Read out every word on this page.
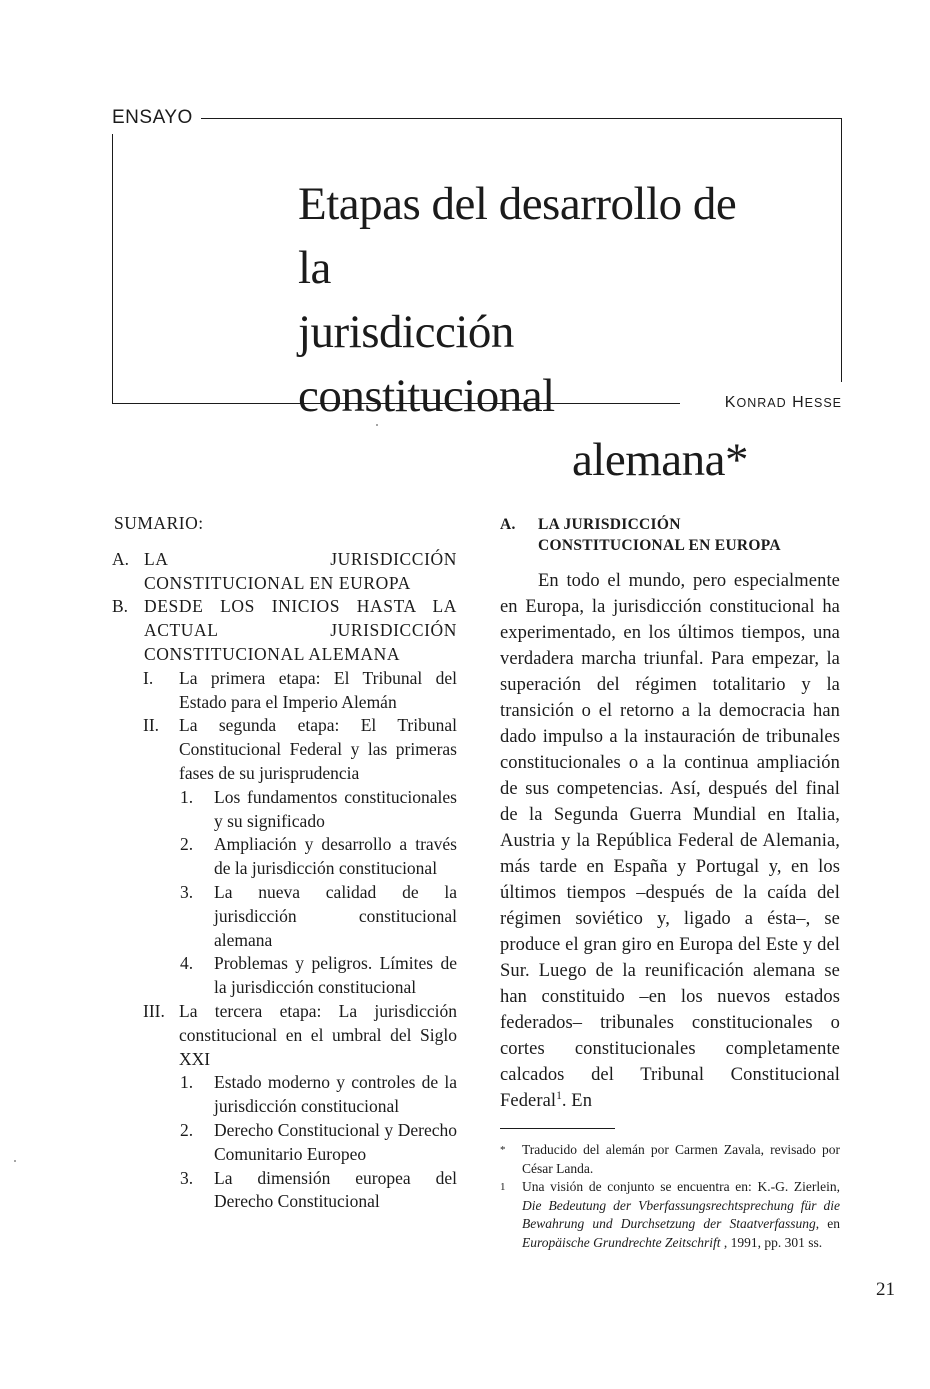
ENSAYO
Etapas del desarrollo de la
jurisdicción constitucional
alemana*
KONRAD HESSE
SUMARIO:
A. LA JURISDICCIÓN CONSTITUCIONAL EN EUROPA
B. DESDE LOS INICIOS HASTA LA ACTUAL JURISDICCIÓN CONSTITUCIONAL ALEMANA
I.	La primera etapa: El Tribunal del Estado para el Imperio Alemán
II.	La segunda etapa: El Tribunal Constitucional Federal y las primeras fases de su jurisprudencia
1.	Los fundamentos constitucionales y su significado
2.	Ampliación y desarrollo a través de la jurisdicción constitucional
3.	La nueva calidad de la jurisdicción constitucional alemana
4.	Problemas y peligros. Límites de la jurisdicción constitucional
III. La tercera etapa: La jurisdicción constitucional en el umbral del Siglo XXI
1.	Estado moderno y controles de la jurisdicción constitucional
2.	Derecho Constitucional y Derecho Comunitario Europeo
3.	La dimensión europea del Derecho Constitucional
A.	LA JURISDICCIÓN
CONSTITUCIONAL EN EUROPA

En todo el mundo, pero especialmente en Europa, la jurisdicción constitucional ha experimentado, en los últimos tiempos, una verdadera marcha triunfal. Para empezar, la superación del régimen totalitario y la transición o el retorno a la democracia han dado impulso a la instauración de tribunales constitucionales o a la continua ampliación de sus competencias. Así, después del final de la Segunda Guerra Mundial en Italia, Austria y la República Federal de Alemania, más tarde en España y Portugal y, en los últimos tiempos –después de la caída del régimen soviético y, ligado a ésta–, se produce el gran giro en Europa del Este y del Sur. Luego de la reunificación alemana se han constituido –en los nuevos estados federados– tribunales constitucionales o cortes constitucionales completamente calcados del Tribunal Constitucional Federal$^1$. En

*	Traducido del alemán por Carmen Zavala, revisado por César Landa.
1	Una visión de conjunto se encuentra en: K.-G. Zierlein, Die Bedeutung der Vberfassungsrechtsprechung für die Bewahrung und Durchsetzung der Staatverfassung, en Europäische Grundrechte Zeitschrift , 1991, pp. 301 ss.
21
